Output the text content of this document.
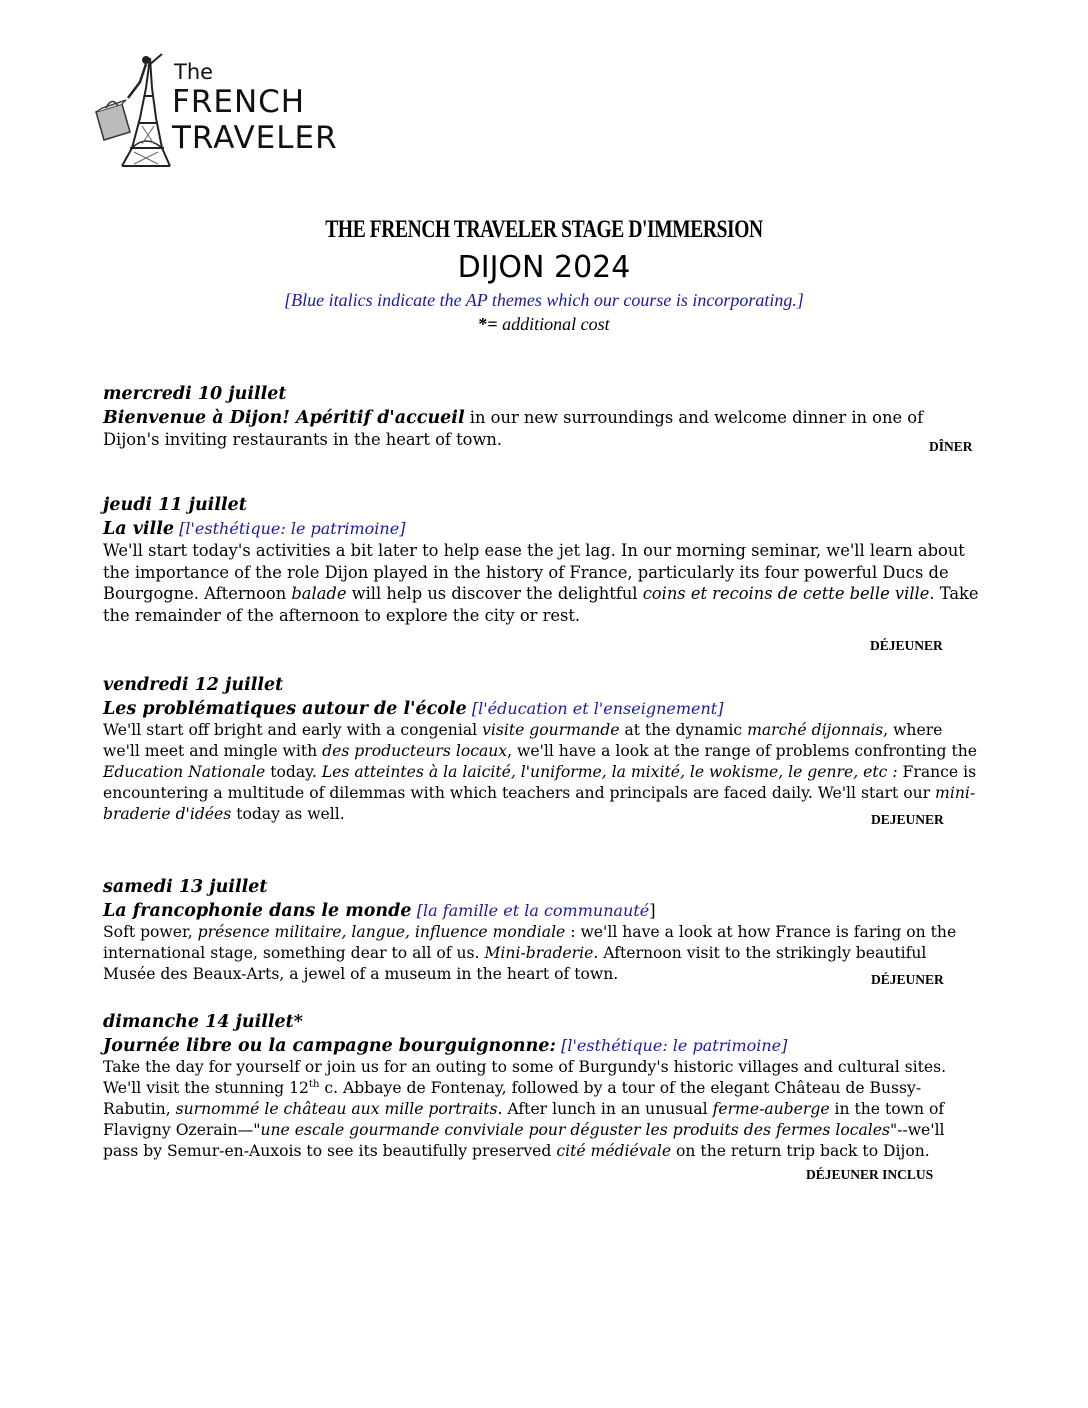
The
FRENCH
TRAVELER
THE FRENCH TRAVELER STAGE D'IMMERSION
DIJON 2024
[Blue italics indicate the AP themes which our course is incorporating.]
*= additional cost
mercredi 10 juillet
Bienvenue à Dijon! Apéritif d'accueil in our new surroundings and welcome dinner in one of Dijon's inviting restaurants in the heart of town.	DÎNER
jeudi 11 juillet
La ville [l'esthétique: le patrimoine]
We'll start today's activities a bit later to help ease the jet lag. In our morning seminar, we'll learn about the importance of the role Dijon played in the history of France, particularly its four powerful Ducs de Bourgogne. Afternoon balade will help us discover the delightful coins et recoins de cette belle ville. Take the remainder of the afternoon to explore the city or rest.
DÉJEUNER
vendredi 12 juillet
Les problématiques autour de l'école [l'éducation et l'enseignement]
We'll start off bright and early with a congenial visite gourmande at the dynamic marché dijonnais, where we'll meet and mingle with des producteurs locaux, we'll have a look at the range of problems confronting the Education Nationale today. Les atteintes à la laicité, l'uniforme, la mixité, le wokisme, le genre, etc : France is encountering a multitude of dilemmas with which teachers and principals are faced daily. We'll start our mini-braderie d'idées today as well.	DEJEUNER
samedi 13 juillet
La francophonie dans le monde [la famille et la communauté]
Soft power, présence militaire, langue, influence mondiale : we'll have a look at how France is faring on the international stage, something dear to all of us. Mini-braderie. Afternoon visit to the strikingly beautiful Musée des Beaux-Arts, a jewel of a museum in the heart of town.	DÉJEUNER
dimanche 14 juillet*
Journée libre ou la campagne bourguignonne: [l'esthétique: le patrimoine]
Take the day for yourself or join us for an outing to some of Burgundy's historic villages and cultural sites. We'll visit the stunning 12th c. Abbaye de Fontenay, followed by a tour of the elegant Château de Bussy-Rabutin, surnommé le château aux mille portraits. After lunch in an unusual ferme-auberge in the town of Flavigny Ozerain—"une escale gourmande conviviale pour déguster les produits des fermes locales"--we'll pass by Semur-en-Auxois to see its beautifully preserved cité médiévale on the return trip back to Dijon.
DÉJEUNER INCLUS
